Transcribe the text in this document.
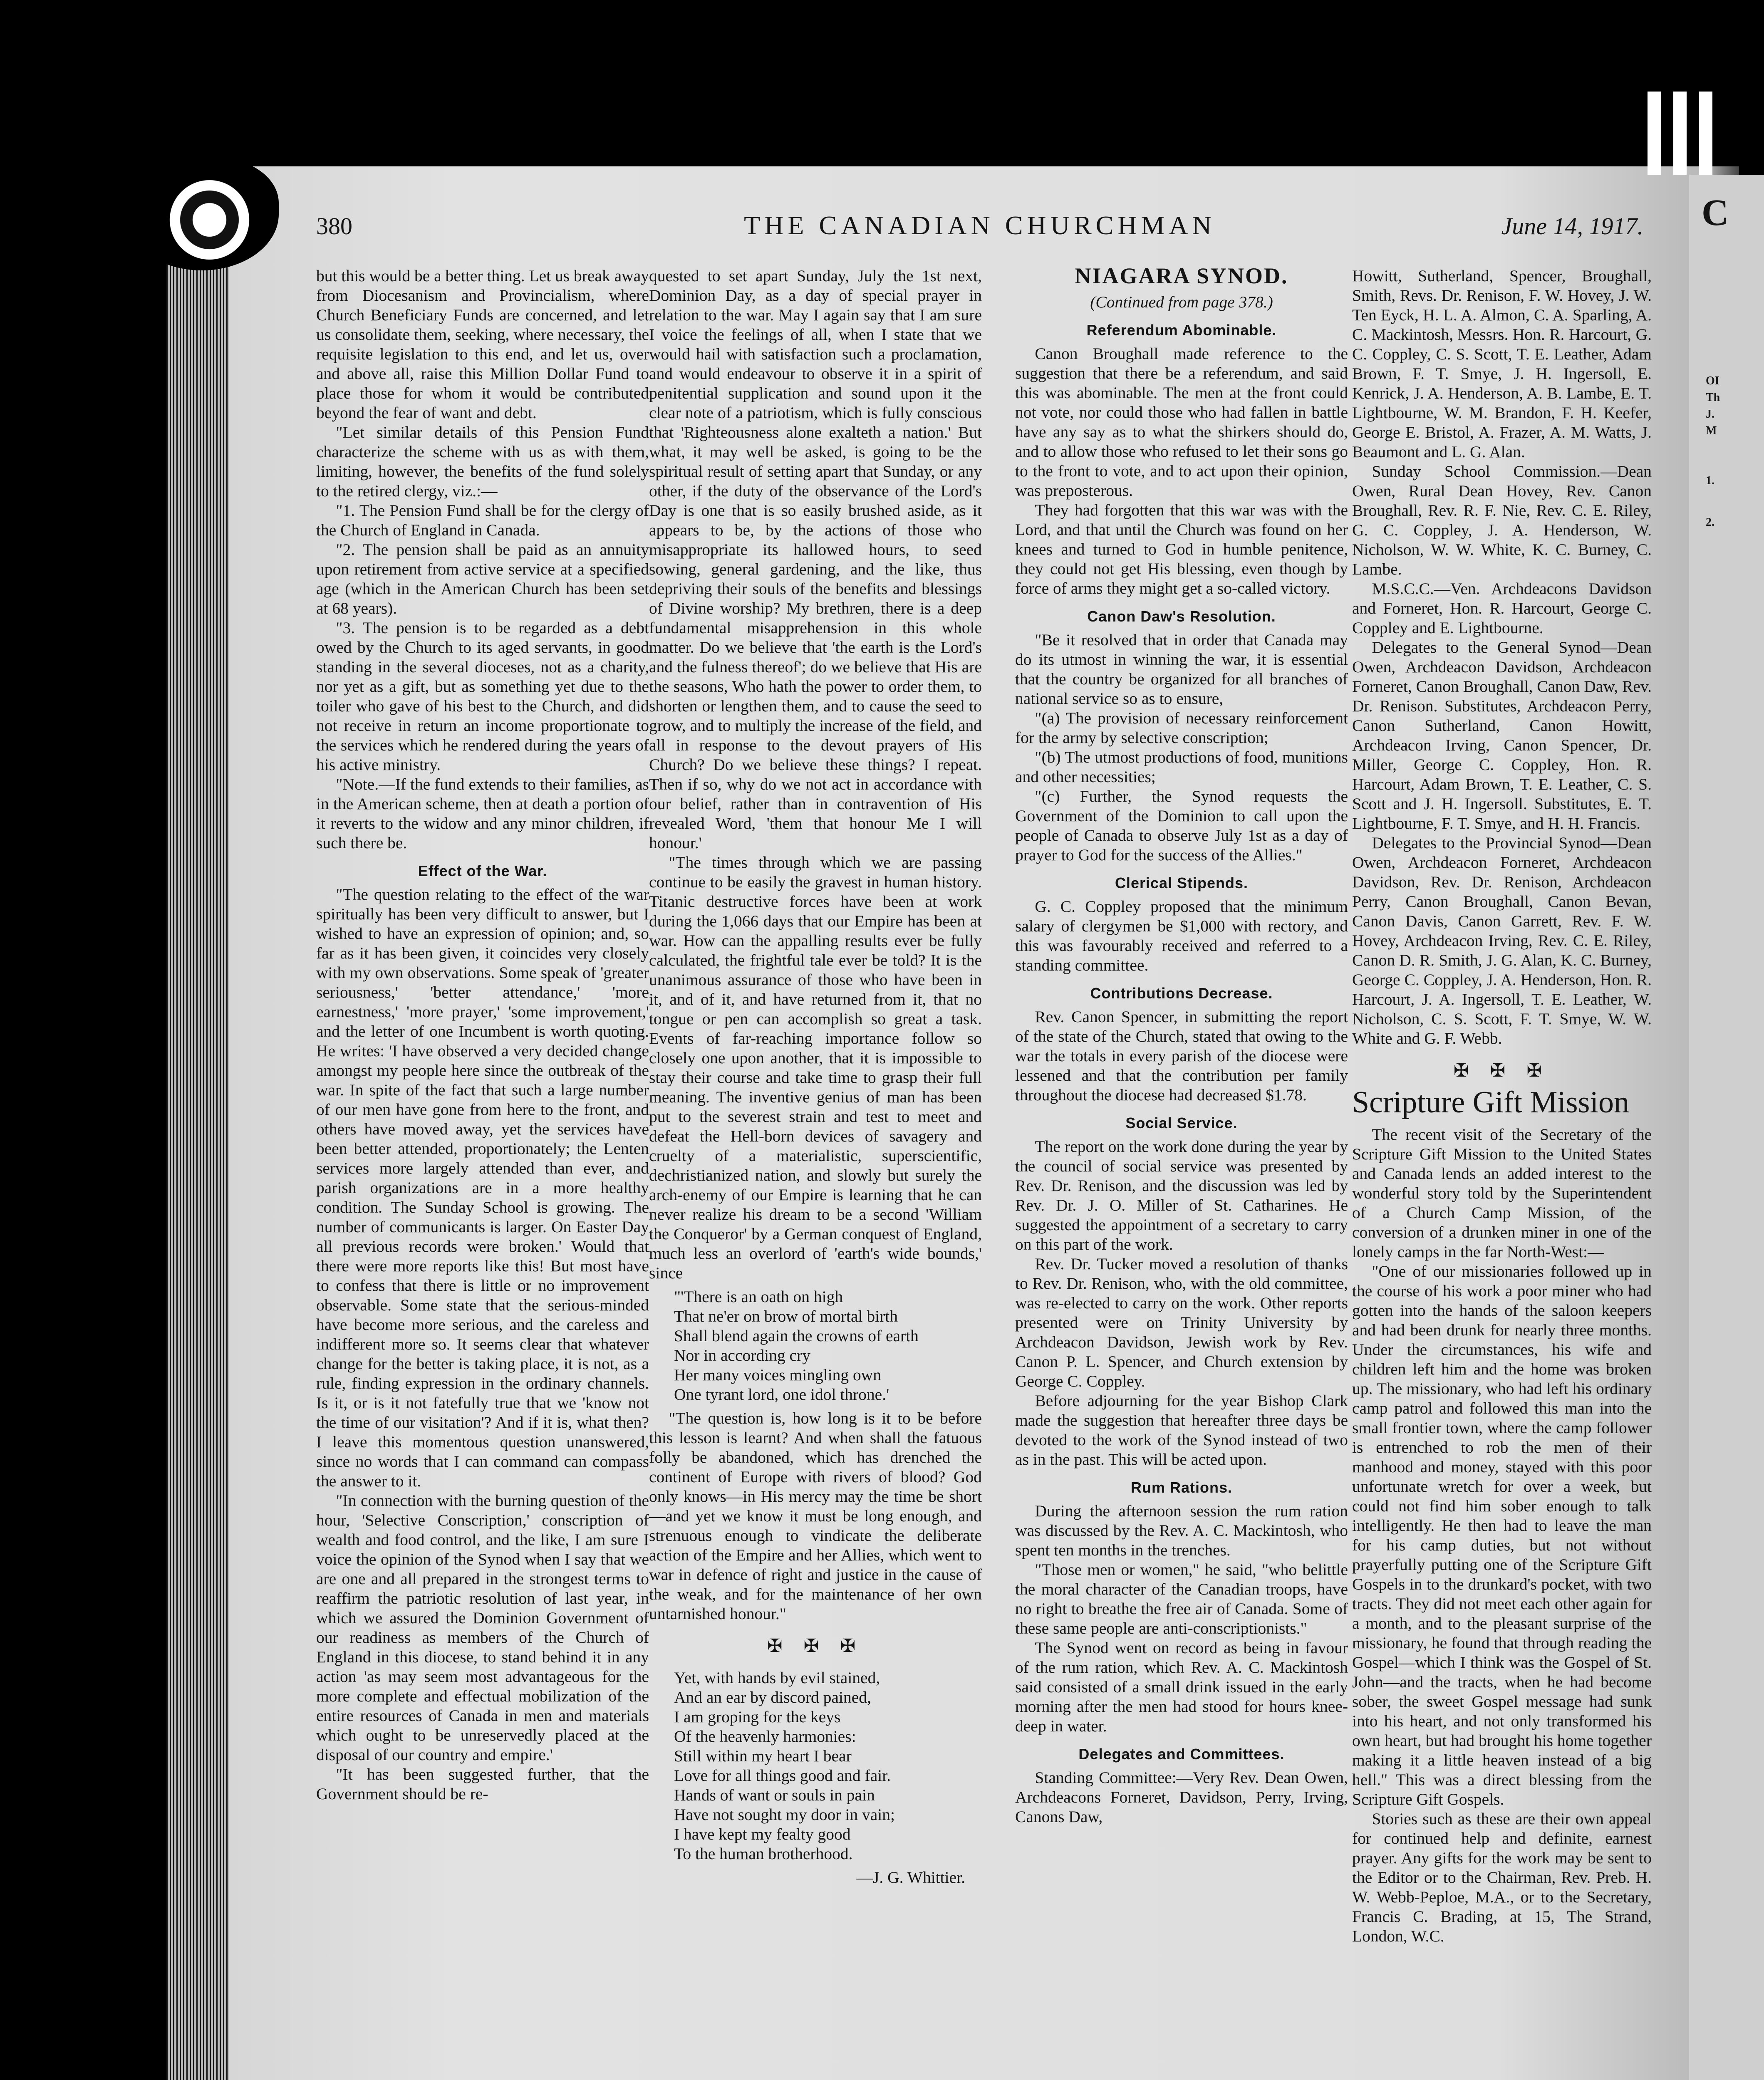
C
OI
Th
J.
M
1.
2.
380	THE CANADIAN CHURCHMAN	June 14, 1917.

but this would be a better thing. Let us break away from Diocesanism and Provincialism, where Church Beneficiary Funds are concerned, and let us consolidate them, seeking, where necessary, the requisite legislation to this end, and let us, over and above all, raise this Million Dollar Fund to place those for whom it would be contributed beyond the fear of want and debt.

"Let similar details of this Pension Fund characterize the scheme with us as with them, limiting, however, the benefits of the fund solely to the retired clergy, viz.:—

"1. The Pension Fund shall be for the clergy of the Church of England in Canada.

"2. The pension shall be paid as an annuity upon retirement from active service at a specified age (which in the American Church has been set at 68 years).

"3. The pension is to be regarded as a debt owed by the Church to its aged servants, in good standing in the several dioceses, not as a charity, nor yet as a gift, but as something yet due to the toiler who gave of his best to the Church, and did not receive in return an income proportionate to the services which he rendered during the years of his active ministry.

"Note.—If the fund extends to their families, as in the American scheme, then at death a portion of it reverts to the widow and any minor children, if such there be.

Effect of the War.

"The question relating to the effect of the war spiritually has been very difficult to answer, but I wished to have an expression of opinion; and, so far as it has been given, it coincides very closely with my own observations. Some speak of 'greater seriousness,' 'better attendance,' 'more earnestness,' 'more prayer,' 'some improvement,' and the letter of one Incumbent is worth quoting. He writes: 'I have observed a very decided change amongst my people here since the outbreak of the war. In spite of the fact that such a large number of our men have gone from here to the front, and others have moved away, yet the services have been better attended, proportionately; the Lenten services more largely attended than ever, and parish organizations are in a more healthy condition. The Sunday School is growing. The number of communicants is larger. On Easter Day all previous records were broken.' Would that there were more reports like this! But most have to confess that there is little or no improvement observable. Some state that the serious-minded have become more serious, and the careless and indifferent more so. It seems clear that whatever change for the better is taking place, it is not, as a rule, finding expression in the ordinary channels. Is it, or is it not fatefully true that we 'know not the time of our visitation'? And if it is, what then? I leave this momentous question unanswered, since no words that I can command can compass the answer to it.

"In connection with the burning question of the hour, 'Selective Conscription,' conscription of wealth and food control, and the like, I am sure I voice the opinion of the Synod when I say that we are one and all prepared in the strongest terms to reaffirm the patriotic resolution of last year, in which we assured the Dominion Government of our readiness as members of the Church of England in this diocese, to stand behind it in any action 'as may seem most advantageous for the more complete and effectual mobilization of the entire resources of Canada in men and materials which ought to be unreservedly placed at the disposal of our country and empire.'

"It has been suggested further, that the Government should be re-

quested to set apart Sunday, July the 1st next, Dominion Day, as a day of special prayer in relation to the war. May I again say that I am sure I voice the feelings of all, when I state that we would hail with satisfaction such a proclamation, and would endeavour to observe it in a spirit of penitential supplication and sound upon it the clear note of a patriotism, which is fully conscious that 'Righteousness alone exalteth a nation.' But what, it may well be asked, is going to be the spiritual result of setting apart that Sunday, or any other, if the duty of the observance of the Lord's Day is one that is so easily brushed aside, as it appears to be, by the actions of those who misappropriate its hallowed hours, to seed sowing, general gardening, and the like, thus depriving their souls of the benefits and blessings of Divine worship? My brethren, there is a deep fundamental misapprehension in this whole matter. Do we believe that 'the earth is the Lord's and the fulness thereof'; do we believe that His are the seasons, Who hath the power to order them, to shorten or lengthen them, and to cause the seed to grow, and to multiply the increase of the field, and all in response to the devout prayers of His Church? Do we believe these things? I repeat. Then if so, why do we not act in accordance with our belief, rather than in contravention of His revealed Word, 'them that honour Me I will honour.'

"The times through which we are passing continue to be easily the gravest in human history. Titanic destructive forces have been at work during the 1,066 days that our Empire has been at war. How can the appalling results ever be fully calculated, the frightful tale ever be told? It is the unanimous assurance of those who have been in it, and of it, and have returned from it, that no tongue or pen can accomplish so great a task. Events of far-reaching importance follow so closely one upon another, that it is impossible to stay their course and take time to grasp their full meaning. The inventive genius of man has been put to the severest strain and test to meet and defeat the Hell-born devices of savagery and cruelty of a materialistic, superscientific, dechristianized nation, and slowly but surely the arch-enemy of our Empire is learning that he can never realize his dream to be a second 'William the Conqueror' by a German conquest of England, much less an overlord of 'earth's wide bounds,' since

"'There is an oath on high
That ne'er on brow of mortal birth
Shall blend again the crowns of earth
Nor in according cry
Her many voices mingling own
One tyrant lord, one idol throne.'

"The question is, how long is it to be before this lesson is learnt? And when shall the fatuous folly be abandoned, which has drenched the continent of Europe with rivers of blood? God only knows—in His mercy may the time be short—and yet we know it must be long enough, and strenuous enough to vindicate the deliberate action of the Empire and her Allies, which went to war in defence of right and justice in the cause of the weak, and for the maintenance of her own untarnished honour."

✠ ✠ ✠
Yet, with hands by evil stained,
And an ear by discord pained,
I am groping for the keys
Of the heavenly harmonies:
Still within my heart I bear
Love for all things good and fair.
Hands of want or souls in pain
Have not sought my door in vain;
I have kept my fealty good
To the human brotherhood.
—J. G. Whittier.
NIAGARA SYNOD.
(Continued from page 378.)
Referendum Abominable.

Canon Broughall made reference to the suggestion that there be a referendum, and said this was abominable. The men at the front could not vote, nor could those who had fallen in battle have any say as to what the shirkers should do, and to allow those who refused to let their sons go to the front to vote, and to act upon their opinion, was preposterous.

They had forgotten that this war was with the Lord, and that until the Church was found on her knees and turned to God in humble penitence, they could not get His blessing, even though by force of arms they might get a so-called victory.

Canon Daw's Resolution.

"Be it resolved that in order that Canada may do its utmost in winning the war, it is essential that the country be organized for all branches of national service so as to ensure,

"(a) The provision of necessary reinforcement for the army by selective conscription;

"(b) The utmost productions of food, munitions and other necessities;

"(c) Further, the Synod requests the Government of the Dominion to call upon the people of Canada to observe July 1st as a day of prayer to God for the success of the Allies."

Clerical Stipends.

G. C. Coppley proposed that the minimum salary of clergymen be $1,000 with rectory, and this was favourably received and referred to a standing committee.

Contributions Decrease.

Rev. Canon Spencer, in submitting the report of the state of the Church, stated that owing to the war the totals in every parish of the diocese were lessened and that the contribution per family throughout the diocese had decreased $1.78.

Social Service.

The report on the work done during the year by the council of social service was presented by Rev. Dr. Renison, and the discussion was led by Rev. Dr. J. O. Miller of St. Catharines. He suggested the appointment of a secretary to carry on this part of the work.

Rev. Dr. Tucker moved a resolution of thanks to Rev. Dr. Renison, who, with the old committee, was re-elected to carry on the work. Other reports presented were on Trinity University by Archdeacon Davidson, Jewish work by Rev. Canon P. L. Spencer, and Church extension by George C. Coppley.

Before adjourning for the year Bishop Clark made the suggestion that hereafter three days be devoted to the work of the Synod instead of two as in the past. This will be acted upon.

Rum Rations.

During the afternoon session the rum ration was discussed by the Rev. A. C. Mackintosh, who spent ten months in the trenches.

"Those men or women," he said, "who belittle the moral character of the Canadian troops, have no right to breathe the free air of Canada. Some of these same people are anti-conscriptionists."

The Synod went on record as being in favour of the rum ration, which Rev. A. C. Mackintosh said consisted of a small drink issued in the early morning after the men had stood for hours knee-deep in water.

Delegates and Committees.

Standing Committee:—Very Rev. Dean Owen, Archdeacons Forneret, Davidson, Perry, Irving, Canons Daw,

Howitt, Sutherland, Spencer, Broughall, Smith, Revs. Dr. Renison, F. W. Hovey, J. W. Ten Eyck, H. L. A. Almon, C. A. Sparling, A. C. Mackintosh, Messrs. Hon. R. Harcourt, G. C. Coppley, C. S. Scott, T. E. Leather, Adam Brown, F. T. Smye, J. H. Ingersoll, E. Kenrick, J. A. Henderson, A. B. Lambe, E. T. Lightbourne, W. M. Brandon, F. H. Keefer, George E. Bristol, A. Frazer, A. M. Watts, J. Beaumont and L. G. Alan.

Sunday School Commission.—Dean Owen, Rural Dean Hovey, Rev. Canon Broughall, Rev. R. F. Nie, Rev. C. E. Riley, G. C. Coppley, J. A. Henderson, W. Nicholson, W. W. White, K. C. Burney, C. Lambe.

M.S.C.C.—Ven. Archdeacons Davidson and Forneret, Hon. R. Harcourt, George C. Coppley and E. Lightbourne.

Delegates to the General Synod—Dean Owen, Archdeacon Davidson, Archdeacon Forneret, Canon Broughall, Canon Daw, Rev. Dr. Renison. Substitutes, Archdeacon Perry, Canon Sutherland, Canon Howitt, Archdeacon Irving, Canon Spencer, Dr. Miller, George C. Coppley, Hon. R. Harcourt, Adam Brown, T. E. Leather, C. S. Scott and J. H. Ingersoll. Substitutes, E. T. Lightbourne, F. T. Smye, and H. H. Francis.

Delegates to the Provincial Synod—Dean Owen, Archdeacon Forneret, Archdeacon Davidson, Rev. Dr. Renison, Archdeacon Perry, Canon Broughall, Canon Bevan, Canon Davis, Canon Garrett, Rev. F. W. Hovey, Archdeacon Irving, Rev. C. E. Riley, Canon D. R. Smith, J. G. Alan, K. C. Burney, George C. Coppley, J. A. Henderson, Hon. R. Harcourt, J. A. Ingersoll, T. E. Leather, W. Nicholson, C. S. Scott, F. T. Smye, W. W. White and G. F. Webb.

✠ ✠ ✠
Scripture Gift Mission

The recent visit of the Secretary of the Scripture Gift Mission to the United States and Canada lends an added interest to the wonderful story told by the Superintendent of a Church Camp Mission, of the conversion of a drunken miner in one of the lonely camps in the far North-West:—

"One of our missionaries followed up in the course of his work a poor miner who had gotten into the hands of the saloon keepers and had been drunk for nearly three months. Under the circumstances, his wife and children left him and the home was broken up. The missionary, who had left his ordinary camp patrol and followed this man into the small frontier town, where the camp follower is entrenched to rob the men of their manhood and money, stayed with this poor unfortunate wretch for over a week, but could not find him sober enough to talk intelligently. He then had to leave the man for his camp duties, but not without prayerfully putting one of the Scripture Gift Gospels in to the drunkard's pocket, with two tracts. They did not meet each other again for a month, and to the pleasant surprise of the missionary, he found that through reading the Gospel—which I think was the Gospel of St. John—and the tracts, when he had become sober, the sweet Gospel message had sunk into his heart, and not only transformed his own heart, but had brought his home together making it a little heaven instead of a big hell." This was a direct blessing from the Scripture Gift Gospels.

Stories such as these are their own appeal for continued help and definite, earnest prayer. Any gifts for the work may be sent to the Editor or to the Chairman, Rev. Preb. H. W. Webb-Peploe, M.A., or to the Secretary, Francis C. Brading, at 15, The Strand, London, W.C.
